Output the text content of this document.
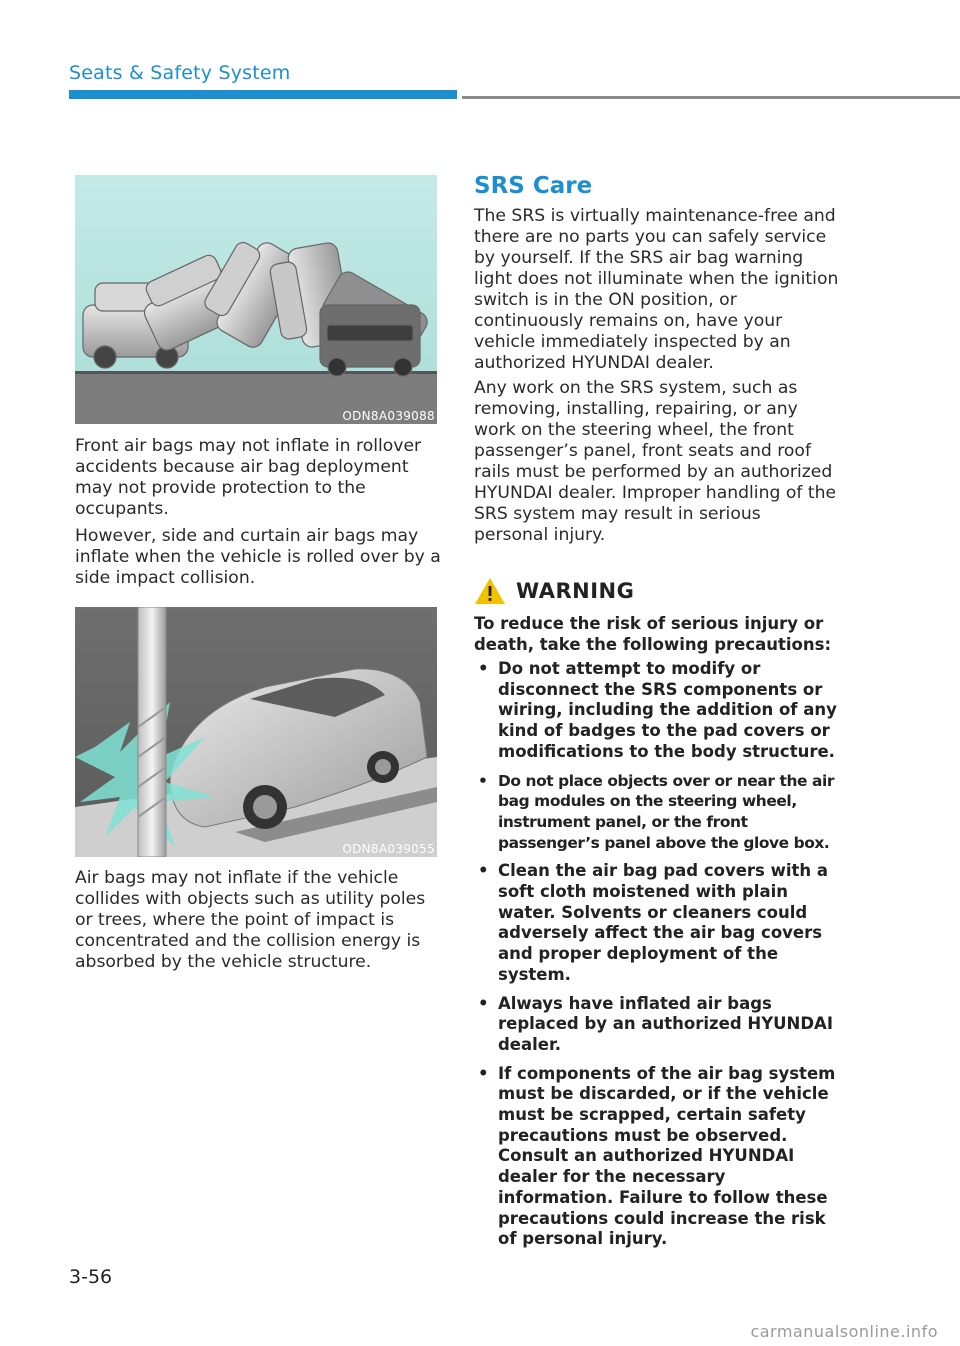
Seats & Safety System
ODN8A039088

Front air bags may not inflate in rollover accidents because air bag deployment may not provide protection to the occupants.

However, side and curtain air bags may inflate when the vehicle is rolled over by a side impact collision.

ODN8A039055

Air bags may not inflate if the vehicle collides with objects such as utility poles or trees, where the point of impact is concentrated and the collision energy is absorbed by the vehicle structure.

SRS Care

The SRS is virtually maintenance-free and there are no parts you can safely service by yourself. If the SRS air bag warning light does not illuminate when the ignition switch is in the ON position, or continuously remains on, have your vehicle immediately inspected by an authorized HYUNDAI dealer.

Any work on the SRS system, such as removing, installing, repairing, or any work on the steering wheel, the front passenger’s panel, front seats and roof rails must be performed by an authorized HYUNDAI dealer. Improper handling of the SRS system may result in serious personal injury.

WARNING

To reduce the risk of serious injury or death, take the following precautions:

• Do not attempt to modify or disconnect the SRS components or wiring, including the addition of any kind of badges to the pad covers or modifications to the body structure.
• Do not place objects over or near the air bag modules on the steering wheel, instrument panel, or the front passenger’s panel above the glove box.
• Clean the air bag pad covers with a soft cloth moistened with plain water. Solvents or cleaners could adversely affect the air bag covers and proper deployment of the system.
• Always have inflated air bags replaced by an authorized HYUNDAI dealer.
• If components of the air bag system must be discarded, or if the vehicle must be scrapped, certain safety precautions must be observed. Consult an authorized HYUNDAI dealer for the necessary information. Failure to follow these precautions could increase the risk of personal injury.
3-56
carmanualsonline.info
